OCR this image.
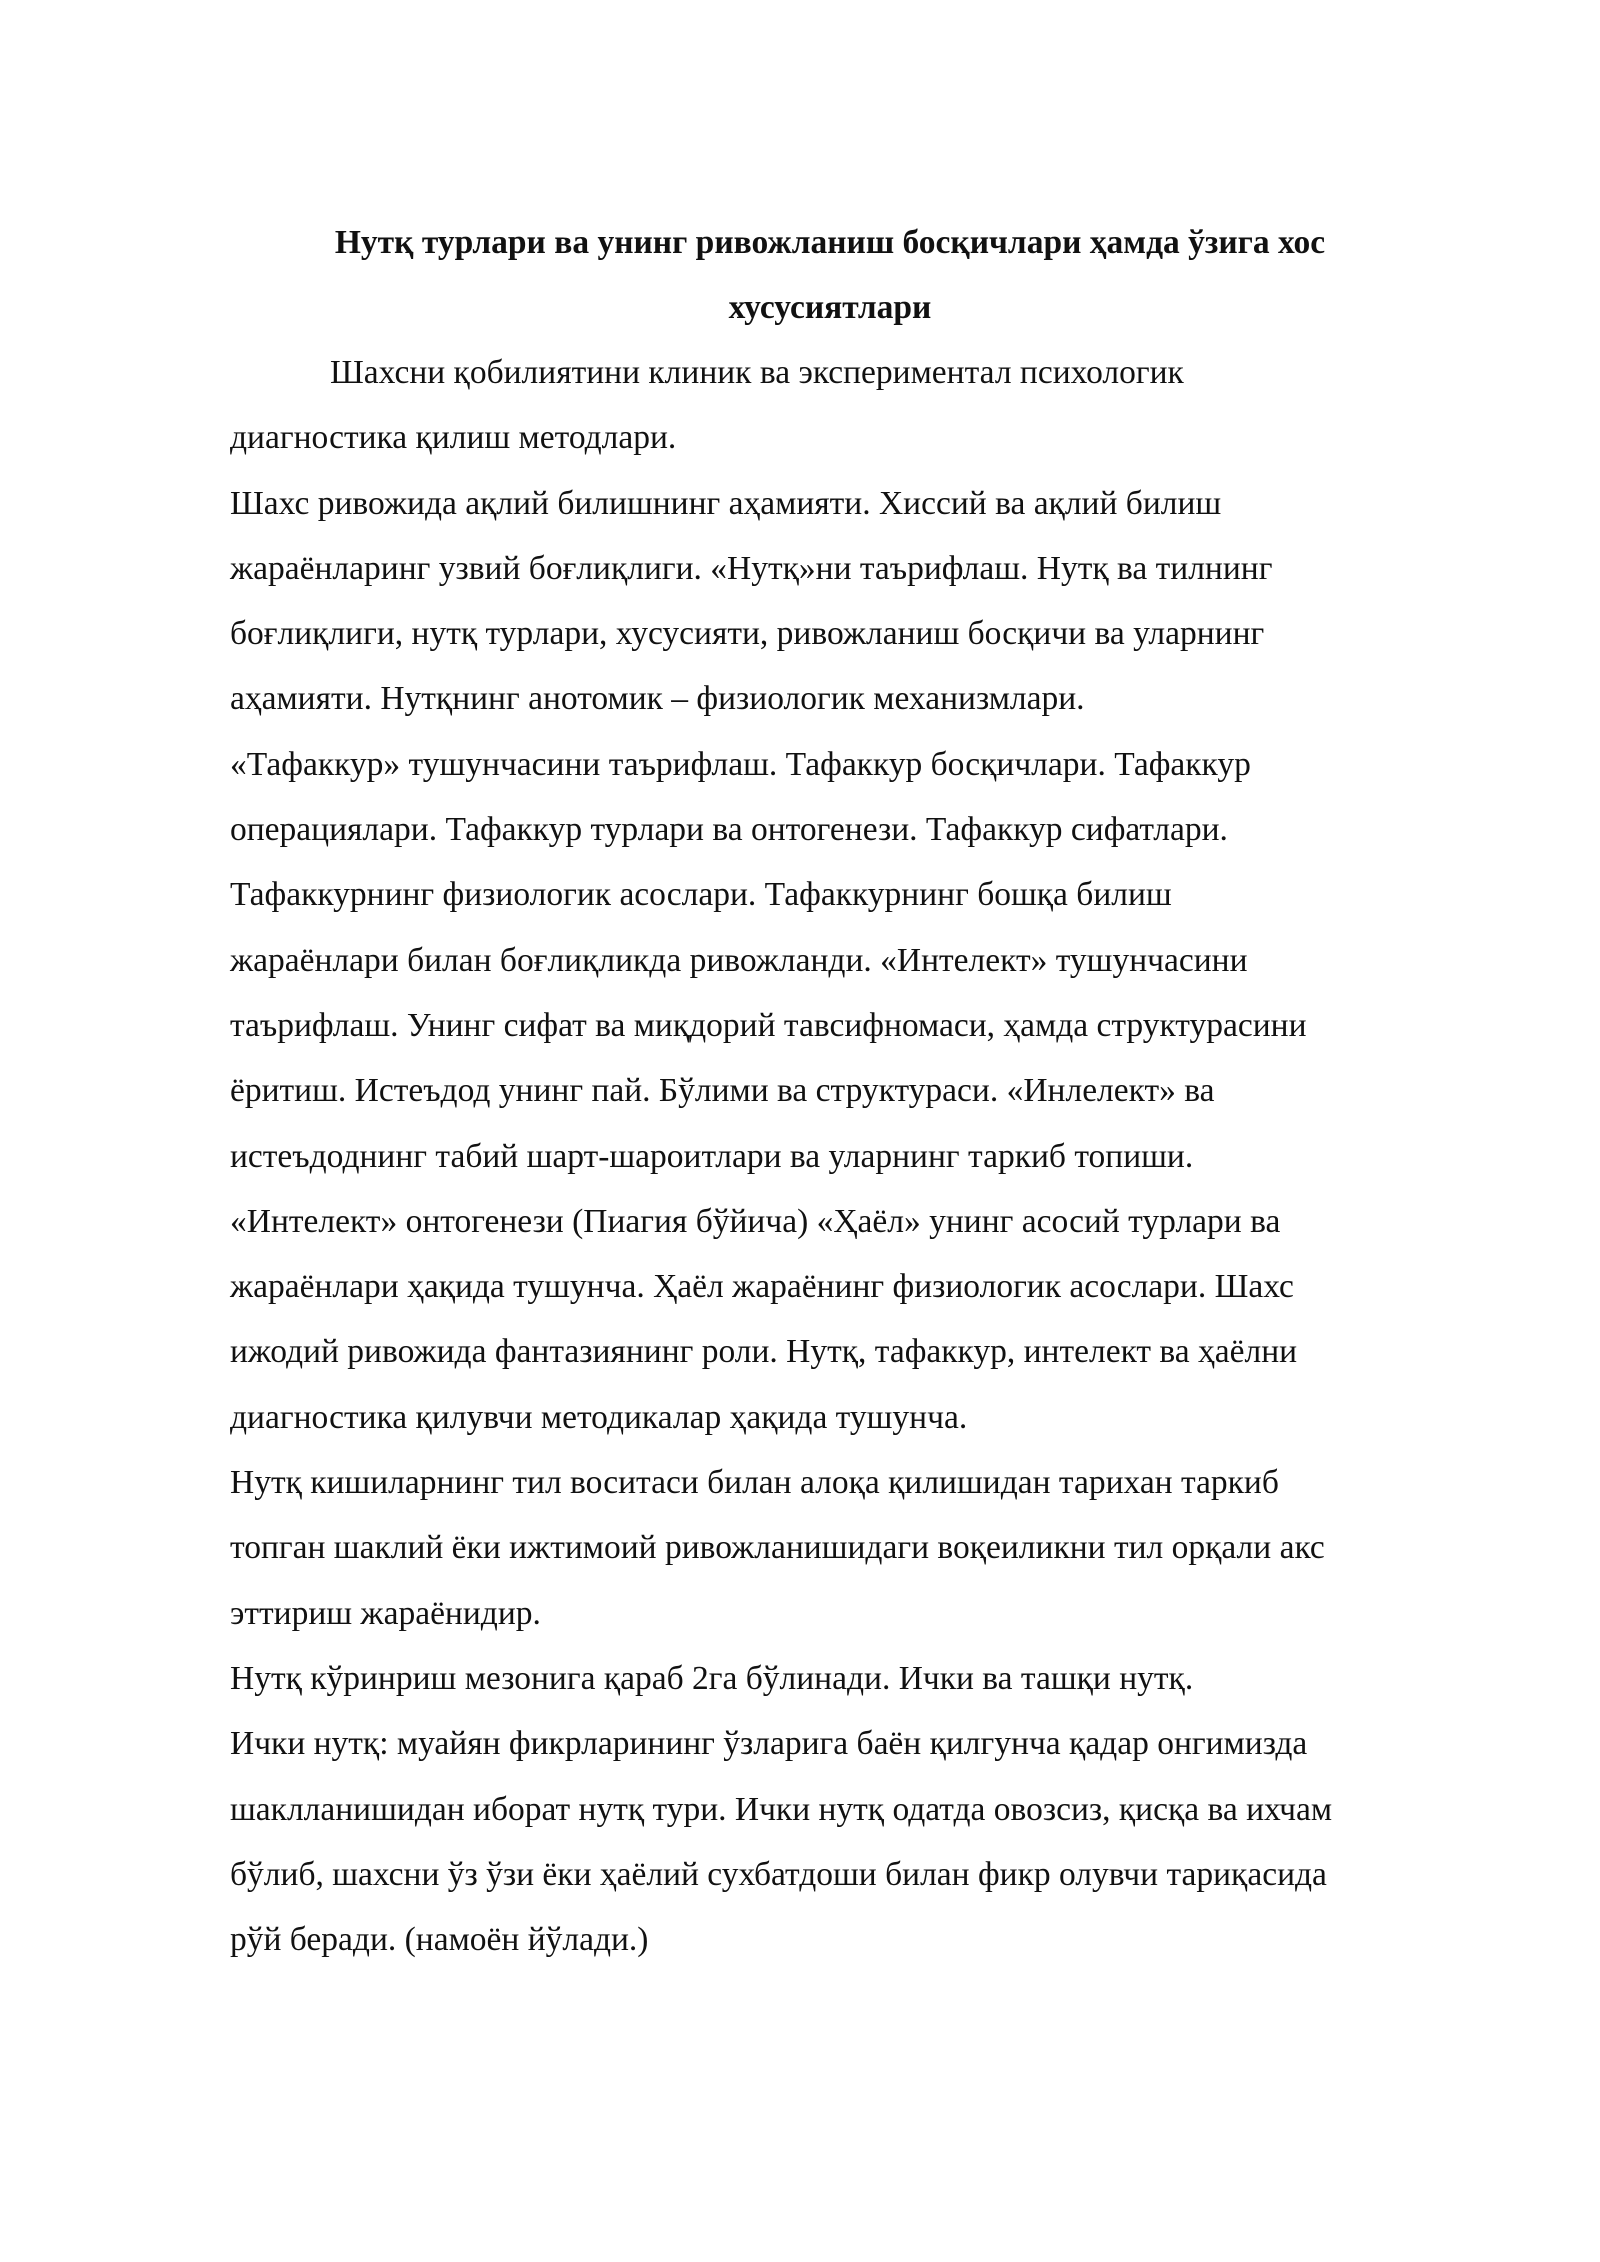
Нутқ турлари ва унинг ривожланиш босқичлари ҳамда ўзига хос
хусусиятлари
Шахсни қобилиятини клиник ва экспериментал психологик
диагностика қилиш методлари.
Шахс ривожида ақлий билишнинг аҳамияти. Хиссий ва ақлий билиш
жараёнларинг узвий боғлиқлиги. «Нутқ»ни таърифлаш. Нутқ ва тилнинг
боғлиқлиги, нутқ турлари, хусусияти, ривожланиш босқичи ва уларнинг
аҳамияти. Нутқнинг анотомик – физиологик механизмлари.
«Тафаккур» тушунчасини таърифлаш. Тафаккур босқичлари. Тафаккур
операциялари. Тафаккур турлари ва онтогенези. Тафаккур сифатлари.
Тафаккурнинг физиологик асослари. Тафаккурнинг бошқа билиш
жараёнлари билан боғлиқликда ривожланди. «Интелект» тушунчасини
таърифлаш. Унинг сифат ва миқдорий тавсифномаси, ҳамда структурасини
ёритиш. Истеъдод унинг пай. Бўлими ва структураси. «Инлелект» ва
истеъдоднинг табий шарт-шароитлари ва уларнинг таркиб топиши.
«Интелект» онтогенези (Пиагия бўйича) «Ҳаёл» унинг асосий турлари ва
жараёнлари ҳақида тушунча. Ҳаёл жараёнинг физиологик асослари. Шахс
ижодий ривожида фантазиянинг роли. Нутқ, тафаккур, интелект ва ҳаёлни
диагностика қилувчи методикалар ҳақида тушунча.
Нутқ кишиларнинг тил воситаси билан алоқа қилишидан тарихан таркиб
топган шаклий ёки ижтимоий ривожланишидаги воқеиликни тил орқали акс
эттириш жараёнидир.
Нутқ кўринриш мезонига қараб 2га бўлинади. Ички ва ташқи нутқ.
Ички нутқ: муайян фикрларининг ўзларига баён қилгунча қадар онгимизда
шаклланишидан иборат нутқ тури. Ички нутқ одатда овозсиз, қисқа ва ихчам
бўлиб, шахсни ўз ўзи ёки ҳаёлий сухбатдоши билан фикр олувчи тариқасида
рўй беради. (намоён йўлади.)
